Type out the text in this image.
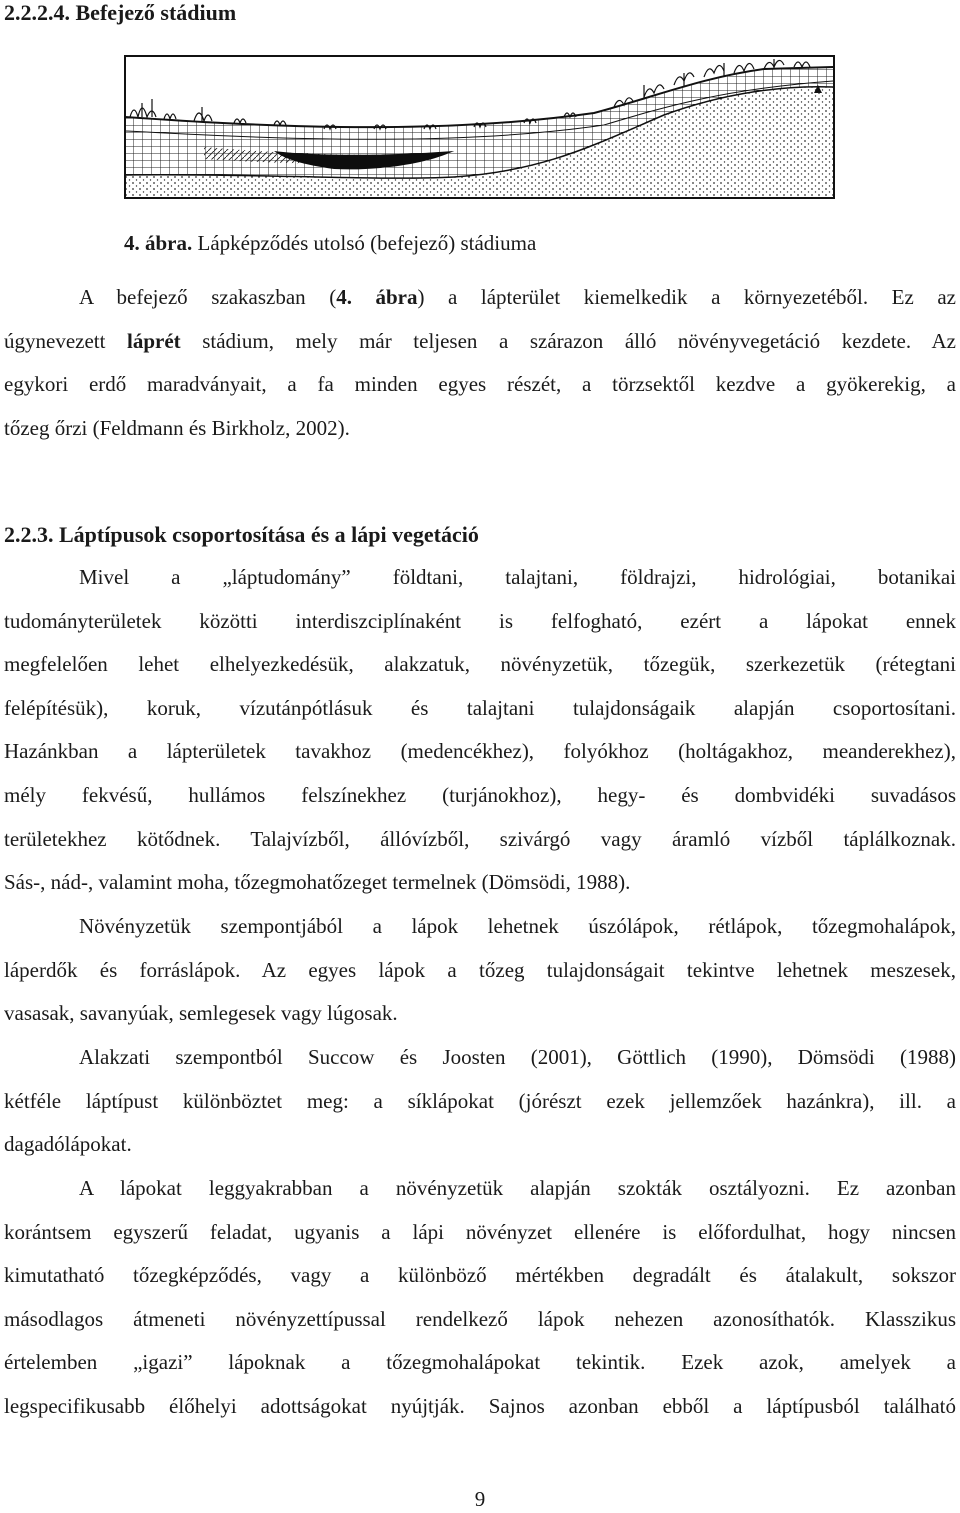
2.2.2.4. Befejező stádium

4. ábra. Lápképződés utolsó (befejező) stádiuma

A befejező szakaszban (4. ábra) a lápterület kiemelkedik a környezetéből. Ez az
úgynevezett láprét stádium, mely már teljesen a szárazon álló növényvegetáció kezdete. Az
egykori erdő maradványait, a fa minden egyes részét, a törzsektől kezdve a gyökerekig, a
tőzeg őrzi (Feldmann és Birkholz, 2002).
2.2.3. Láptípusok csoportosítása és a lápi vegetáció
Mivel a „láptudomány” földtani, talajtani, földrajzi, hidrológiai, botanikai
tudományterületek közötti interdiszciplínaként is felfogható, ezért a lápokat ennek
megfelelően lehet elhelyezkedésük, alakzatuk, növényzetük, tőzegük, szerkezetük (rétegtani
felépítésük), koruk, vízutánpótlásuk és talajtani tulajdonságaik alapján csoportosítani.
Hazánkban a lápterületek tavakhoz (medencékhez), folyókhoz (holtágakhoz, meanderekhez),
mély fekvésű, hullámos felszínekhez (turjánokhoz), hegy- és dombvidéki suvadásos
területekhez kötődnek. Talajvízből, állóvízből, szivárgó vagy áramló vízből táplálkoznak.
Sás-, nád-, valamint moha, tőzegmohatőzeget termelnek (Dömsödi, 1988).
Növényzetük szempontjából a lápok lehetnek úszólápok, rétlápok, tőzegmohalápok,
láperdők és forráslápok. Az egyes lápok a tőzeg tulajdonságait tekintve lehetnek meszesek,
vasasak, savanyúak, semlegesek vagy lúgosak.
Alakzati szempontból Succow és Joosten (2001), Göttlich (1990), Dömsödi (1988)
kétféle láptípust különböztet meg: a síklápokat (jórészt ezek jellemzőek hazánkra), ill. a
dagadólápokat.
A lápokat leggyakrabban a növényzetük alapján szokták osztályozni. Ez azonban
korántsem egyszerű feladat, ugyanis a lápi növényzet ellenére is előfordulhat, hogy nincsen
kimutatható tőzegképződés, vagy a különböző mértékben degradált és átalakult, sokszor
másodlagos átmeneti növényzettípussal rendelkező lápok nehezen azonosíthatók. Klasszikus
értelemben „igazi” lápoknak a tőzegmohalápokat tekintik. Ezek azok, amelyek a
legspecifikusabb élőhelyi adottságokat nyújtják. Sajnos azonban ebből a láptípusból található

9
